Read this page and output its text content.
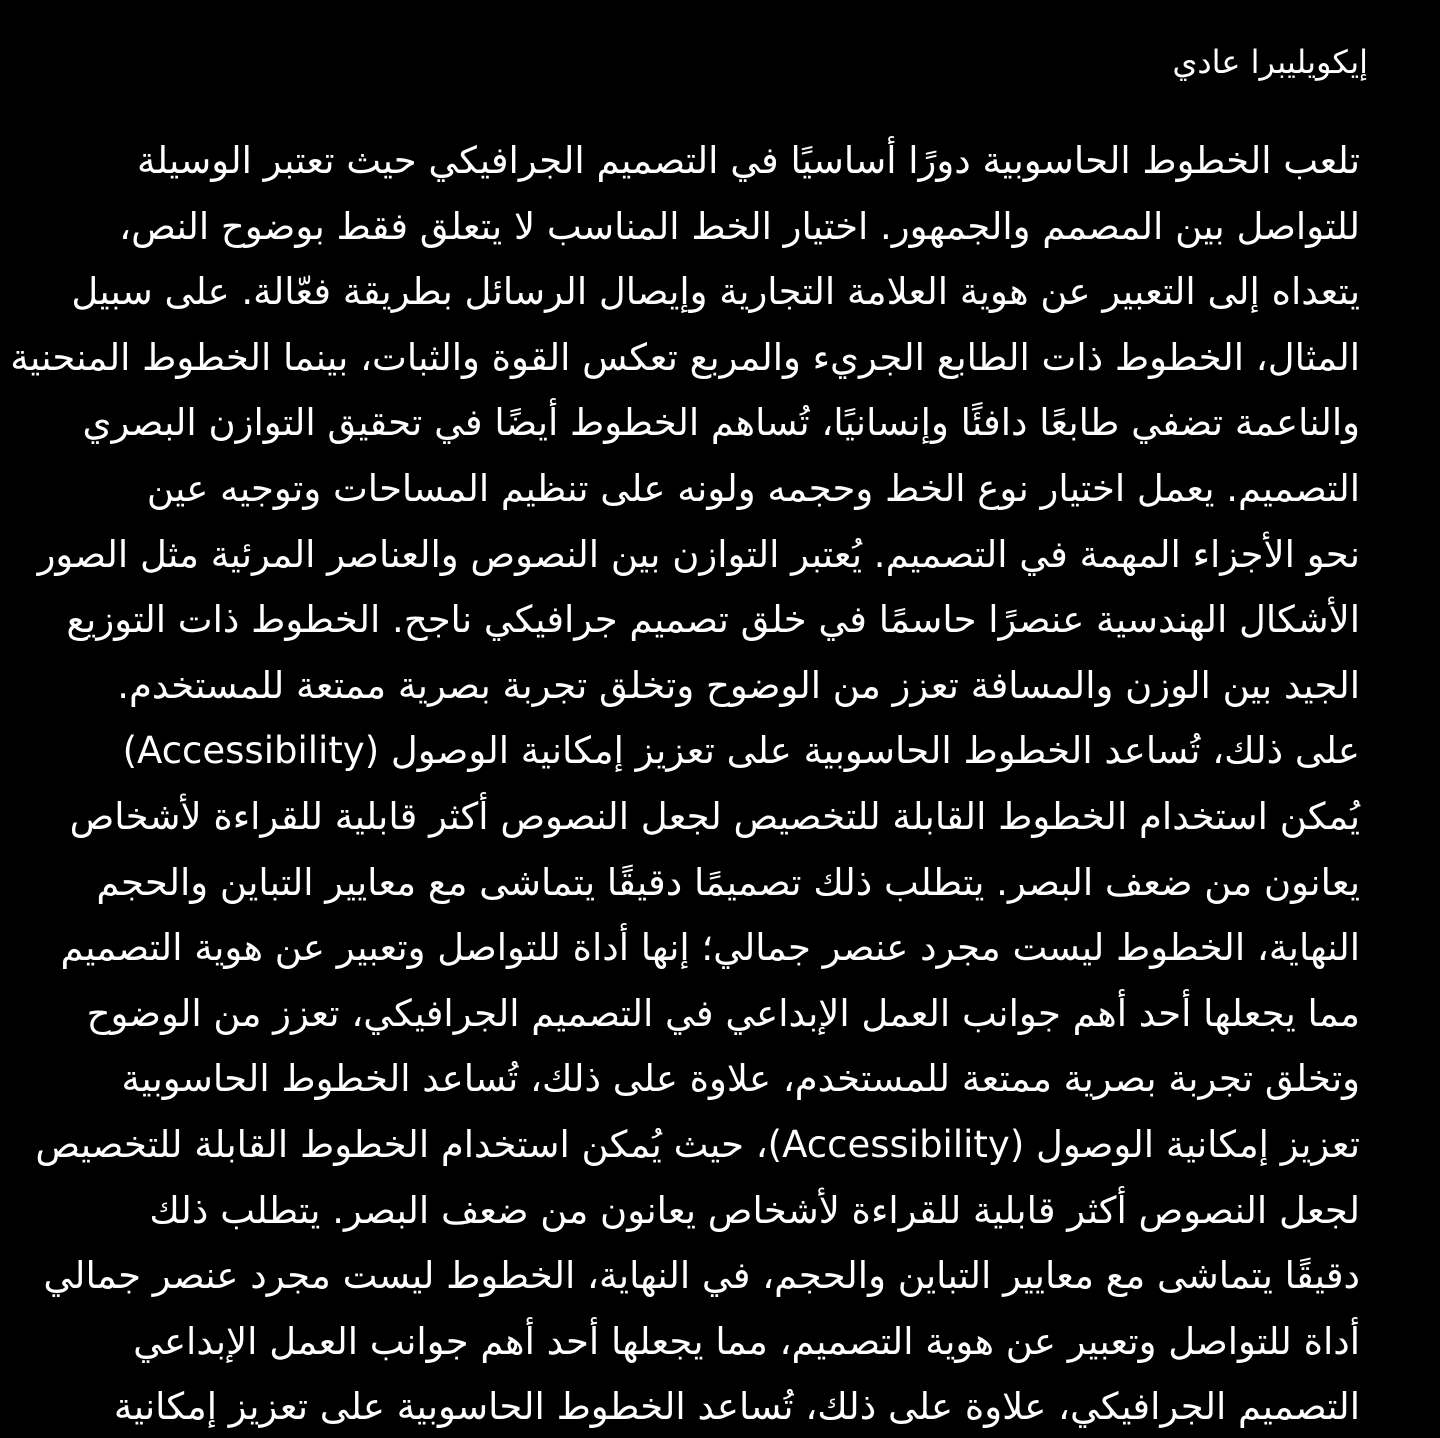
إيكويليبرا عادي
تلعب الخطوط الحاسوبية دورًا أساسيًا في التصميم الجرافيكي حيث تعتبر الوسيلة
للتواصل بين المصمم والجمهور. اختيار الخط المناسب لا يتعلق فقط بوضوح النص،
يتعداه إلى التعبير عن هوية العلامة التجارية وإيصال الرسائل بطريقة فعّالة. على سبيل
المثال، الخطوط ذات الطابع الجريء والمربع تعكس القوة والثبات، بينما الخطوط المنحنية
والناعمة تضفي طابعًا دافئًا وإنسانيًا، تُساهم الخطوط أيضًا في تحقيق التوازن البصري
التصميم. يعمل اختيار نوع الخط وحجمه ولونه على تنظيم المساحات وتوجيه عين
نحو الأجزاء المهمة في التصميم. يُعتبر التوازن بين النصوص والعناصر المرئية مثل الصور
الأشكال الهندسية عنصرًا حاسمًا في خلق تصميم جرافيكي ناجح. الخطوط ذات التوزيع
الجيد بين الوزن والمسافة تعزز من الوضوح وتخلق تجربة بصرية ممتعة للمستخدم.
على ذلك، تُساعد الخطوط الحاسوبية على تعزيز إمكانية الوصول (Accessibility)
يُمكن استخدام الخطوط القابلة للتخصيص لجعل النصوص أكثر قابلية للقراءة لأشخاص
يعانون من ضعف البصر. يتطلب ذلك تصميمًا دقيقًا يتماشى مع معايير التباين والحجم
النهاية، الخطوط ليست مجرد عنصر جمالي؛ إنها أداة للتواصل وتعبير عن هوية التصميم
مما يجعلها أحد أهم جوانب العمل الإبداعي في التصميم الجرافيكي، تعزز من الوضوح
وتخلق تجربة بصرية ممتعة للمستخدم، علاوة على ذلك، تُساعد الخطوط الحاسوبية
تعزيز إمكانية الوصول (Accessibility)، حيث يُمكن استخدام الخطوط القابلة للتخصيص
لجعل النصوص أكثر قابلية للقراءة لأشخاص يعانون من ضعف البصر. يتطلب ذلك
دقيقًا يتماشى مع معايير التباين والحجم، في النهاية، الخطوط ليست مجرد عنصر جمالي
أداة للتواصل وتعبير عن هوية التصميم، مما يجعلها أحد أهم جوانب العمل الإبداعي
التصميم الجرافيكي، علاوة على ذلك، تُساعد الخطوط الحاسوبية على تعزيز إمكانية
